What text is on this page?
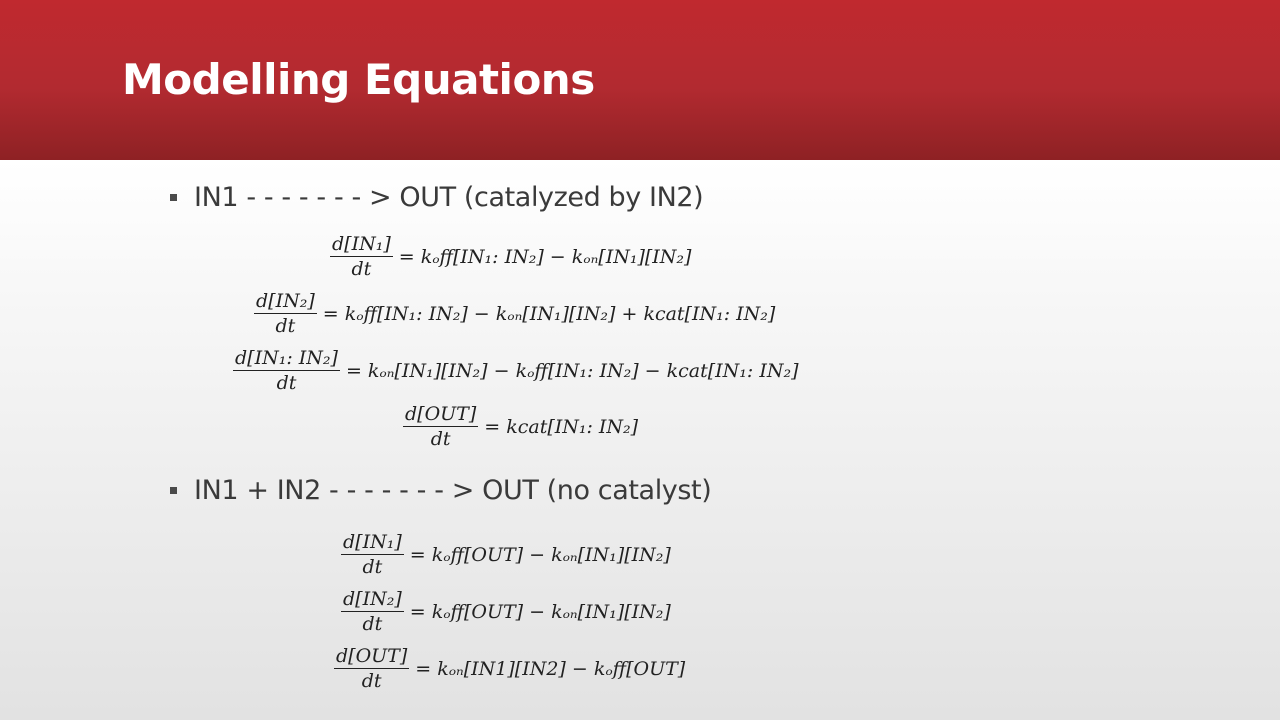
Modelling Equations
IN1 - - - - - - - > OUT (catalyzed by IN2)
$\frac{\text{d[IN₁]}}{dt} = k_off[IN_1$: IN₂] − kₒₙ[IN₁][IN₂]
$\frac{\text{d[IN₂]}}{dt} = k_off[IN_1$: IN₂] − kₒₙ[IN₁][IN₂] + kcat[IN₁: IN₂]
$\frac{\text{d[IN₁: IN₂]}}{dt} = k_{on}[IN_1][IN_2] - k_off[IN_1$: IN₂] − kcat[IN₁: IN₂]
$\frac{\text{d[OUT]}}{dt}$ = kcat[IN₁: IN₂]
IN1 + IN2 - - - - - - - > OUT (no catalyst)
$\frac{\text{d[IN₁]}}{dt} = k_off[OUT] - k_{on}[IN_1][IN_2]$
$\frac{\text{d[IN₂]}}{dt} = k_off[OUT] - k_{on}[IN_1][IN_2]$
$\frac{\text{d[OUT]}}{dt} = k_{on}[IN1][IN2] - k_off[OUT]$
